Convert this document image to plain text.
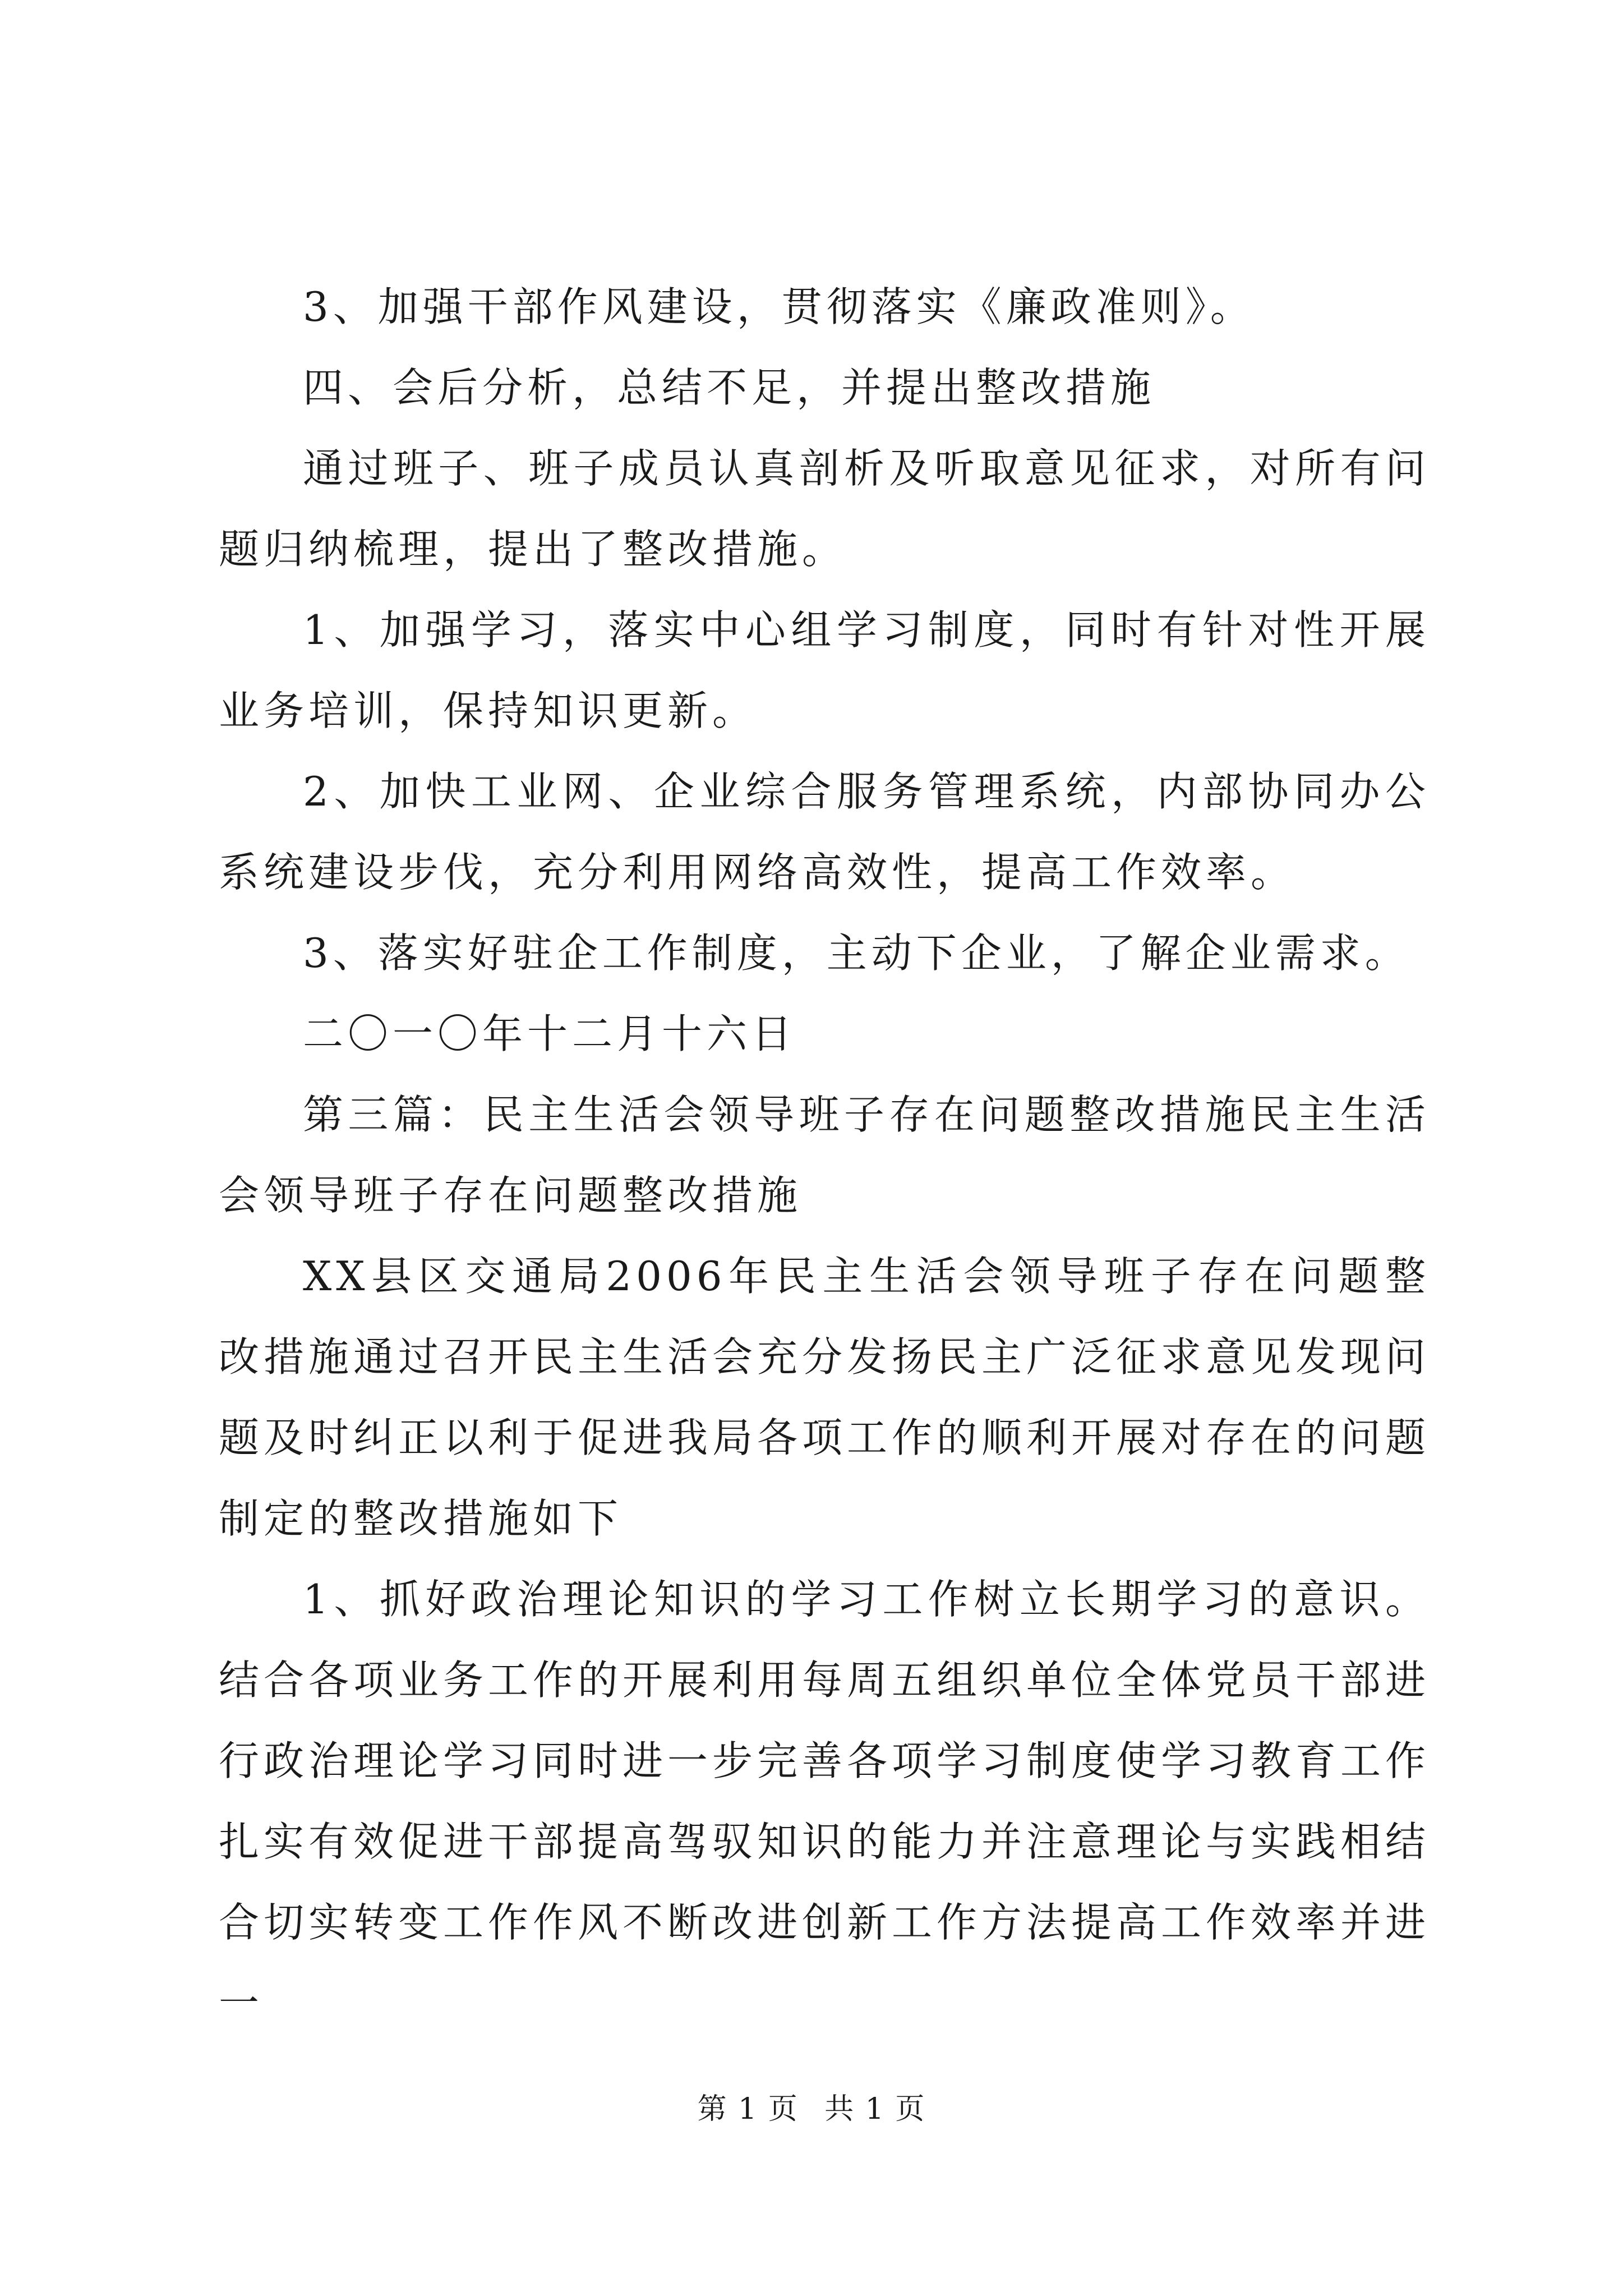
3、加强干部作风建设，贯彻落实《廉政准则》。

四、会后分析，总结不足，并提出整改措施

通过班子、班子成员认真剖析及听取意见征求，对所有问题归纳梳理，提出了整改措施。

1、加强学习，落实中心组学习制度，同时有针对性开展业务培训，保持知识更新。

2、加快工业网、企业综合服务管理系统，内部协同办公系统建设步伐，充分利用网络高效性，提高工作效率。

3、落实好驻企工作制度，主动下企业，了解企业需求。

二〇一〇年十二月十六日

第三篇：民主生活会领导班子存在问题整改措施民主生活会领导班子存在问题整改措施

XX县区交通局2006年民主生活会领导班子存在问题整改措施通过召开民主生活会充分发扬民主广泛征求意见发现问题及时纠正以利于促进我局各项工作的顺利开展对存在的问题制定的整改措施如下

1、抓好政治理论知识的学习工作树立长期学习的意识。结合各项业务工作的开展利用每周五组织单位全体党员干部进行政治理论学习同时进一步完善各项学习制度使学习教育工作扎实有效促进干部提高驾驭知识的能力并注意理论与实践相结合切实转变工作作风不断改进创新工作方法提高工作效率并进一

第 1 页 共 1 页
